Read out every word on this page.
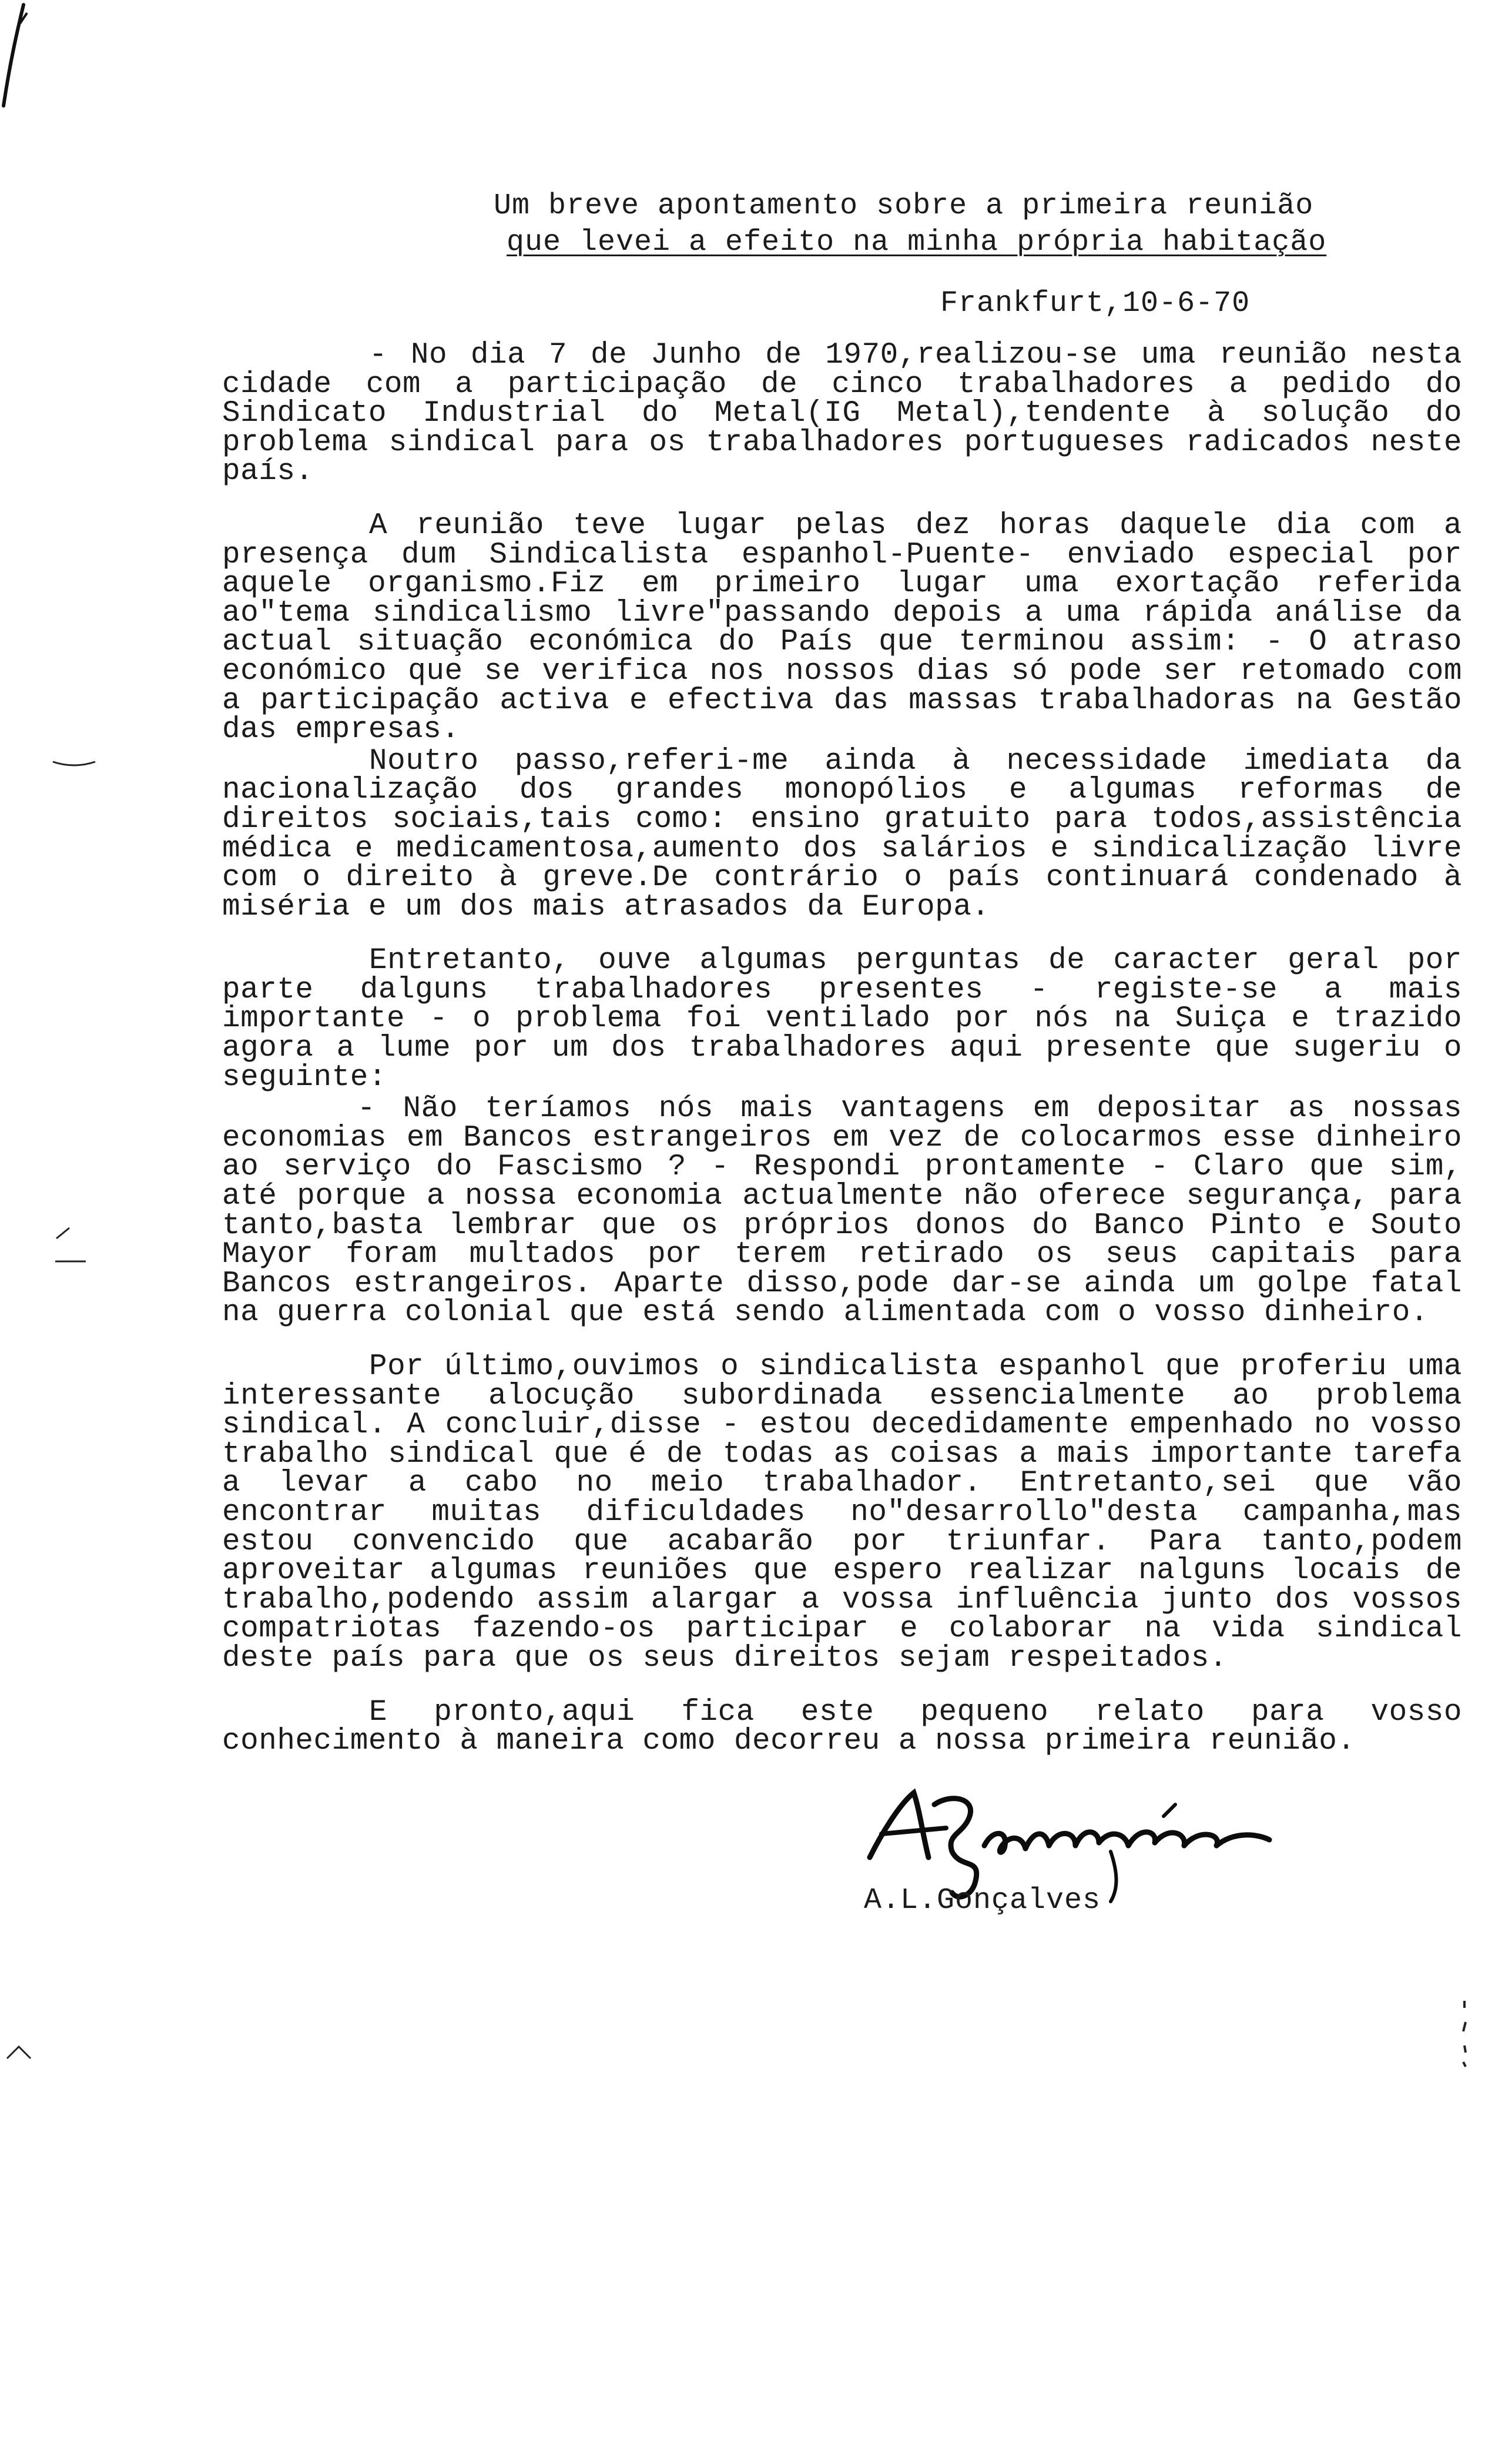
Um breve apontamento sobre a primeira reunião
que levei a efeito na minha própria habitação
Frankfurt,10-6-70

- No dia 7 de Junho de 1970,realizou-se uma reunião nesta cidade com a participação de cinco trabalhadores a pedido do Sindicato Industrial do Metal(IG Metal),tendente à solução do problema sindical para os trabalhadores portugueses radicados neste país.

A reunião teve lugar pelas dez horas daquele dia com a presença dum Sindicalista espanhol-Puente- enviado especial por aquele organismo.Fiz em primeiro lugar uma exortação referida ao"tema sindicalismo livre"passando depois a uma rápida análise da actual situação económica do País que terminou assim: - O atraso económico que se verifica nos nossos dias só pode ser retomado com a participação activa e efectiva das massas trabalhadoras na Gestão das empresas.

Noutro passo,referi-me ainda à necessidade imediata da nacionalização dos grandes monopólios e algumas reformas de direitos sociais,tais como: ensino gratuito para todos,assistência médica e medicamentosa,aumento dos salários e sindicalização livre com o direito à greve.De contrário o país continuará condenado à miséria e um dos mais atrasados da Europa.

Entretanto, ouve algumas perguntas de caracter geral por parte dalguns trabalhadores presentes - registe-se a mais importante - o problema foi ventilado por nós na Suiça e trazido agora a lume por um dos trabalhadores aqui presente que sugeriu o seguinte:

- Não teríamos nós mais vantagens em depositar as nossas economias em Bancos estrangeiros em vez de colocarmos esse dinheiro ao serviço do Fascismo ? - Respondi prontamente - Claro que sim, até porque a nossa economia actualmente não oferece segurança, para tanto,basta lembrar que os próprios donos do Banco Pinto e Souto Mayor foram multados por terem retirado os seus capitais para Bancos estrangeiros. Aparte disso,pode dar-se ainda um golpe fatal na guerra colonial que está sendo alimentada com o vosso dinheiro.

Por último,ouvimos o sindicalista espanhol que proferiu uma interessante alocução subordinada essencialmente ao problema sindical. A concluir,disse - estou decedidamente empenhado no vosso trabalho sindical que é de todas as coisas a mais importante tarefa a levar a cabo no meio trabalhador. Entretanto,sei que vão encontrar muitas dificuldades no"desarrollo"desta campanha,mas estou convencido que acabarão por triunfar. Para tanto,podem aproveitar algumas reuniões que espero realizar nalguns locais de trabalho,podendo assim alargar a vossa influência junto dos vossos compatriotas fazendo-os participar e colaborar na vida sindical deste país para que os seus direitos sejam respeitados.

E pronto,aqui fica este pequeno relato para vosso conhecimento à maneira como decorreu a nossa primeira reunião.

A.L.Gonçalves
